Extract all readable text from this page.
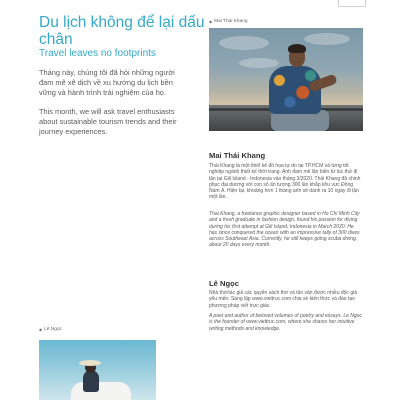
Du lịch không để lại dấu chân
Travel leaves no footprints

Tháng này, chúng tôi đã hỏi những người đam mê xê dịch về xu hướng du lịch bền vững và hành trình trải nghiệm của họ.

This month, we will ask travel enthusiasts about sustainable tourism trends and their journey experiences.

◆ Mai Thái Khang
Mai Thái Khang

Thái Khang là một thiết kế đồ họa tự do tại TP.HCM và từng tốt nghiệp ngành thiết kế thời trang. Anh đam mê lặn biển từ lúc thử đi lặn tại Gili Island - Indonesia vào tháng 3/2020. Thái Khang đã chinh phục đại dương với con số ấn tượng 300 lần khắp khu vực Đông Nam Á. Hiện tại, khoảng hơn 1 tháng anh sẽ dành ra 10 ngày đi lặn một lần.

Thai Khang, a freelance graphic designer based in Ho Chi Minh City and a fresh graduate in fashion design, found his passion for diving during his first attempt at Gili Island, Indonesia in March 2020. He has since conquered the ocean with an impressive tally of 300 dives across Southeast Asia. Currently, he still keeps going scuba diving, about 20 days every month.

Lê Ngọc

Nhà thơ/tác giả các quyển sách thơ và tản văn được nhiều độc giả yêu mến. Sáng lập www.viettruc.com chia sẻ kiến thức và đào tạo phương pháp viết trực giác.

A poet and author of beloved volumes of poetry and essays, Le Ngoc is the founder of www.viettruc.com, where she shares her intuitive writing methods and knowledge.

◆ Lê Ngọc
